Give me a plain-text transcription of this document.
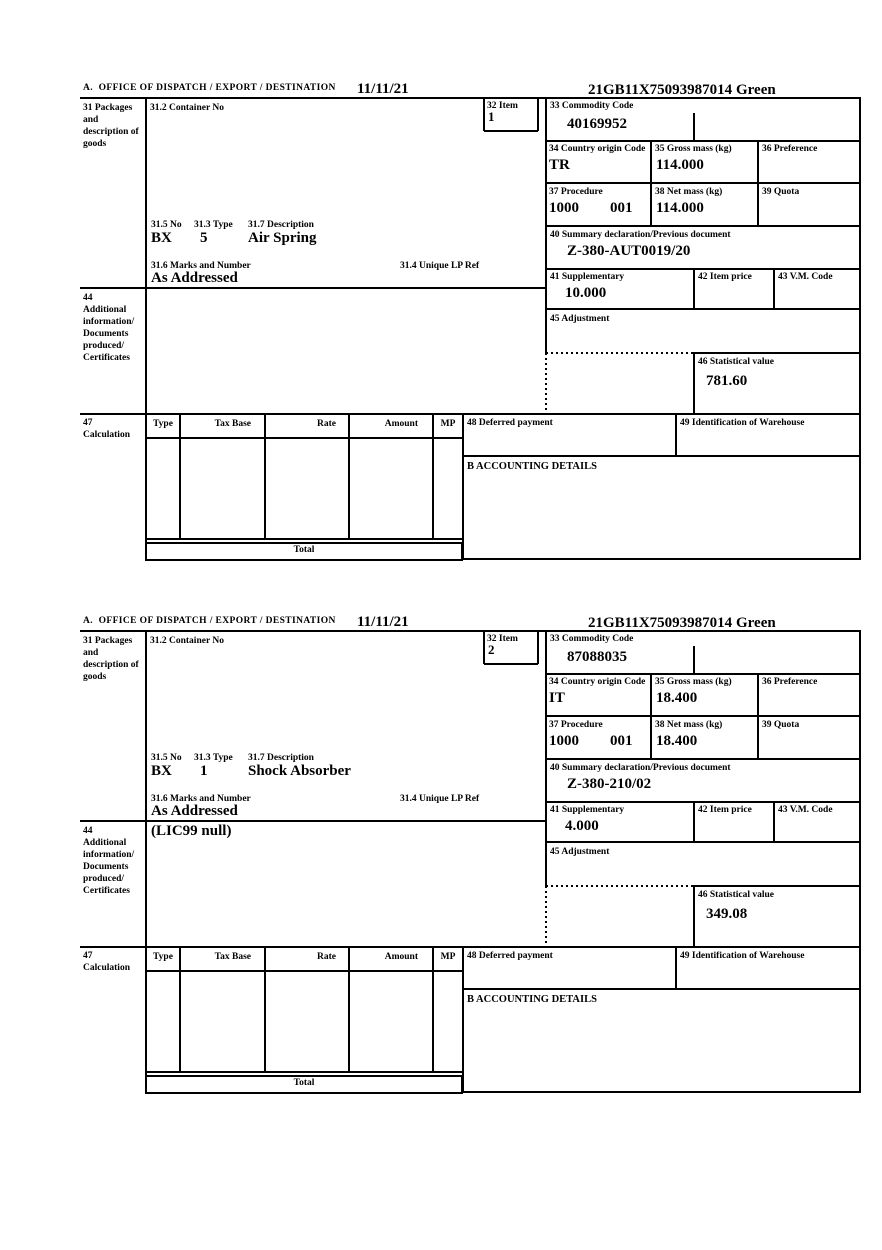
A.  OFFICE OF DISPATCH / EXPORT / DESTINATION 11/11/21	21GB11X75093987014 Green
31 Packages and description of goods
31.2 Container No	32 Item
1
33 Commodity Code
40169952
34 Country origin Code
TR
35 Gross mass (kg)
114.000
36 Preference
37 Procedure
1000 001
38 Net mass (kg)
114.000
39 Quota
40 Summary declaration/Previous document
Z-380-AUT0019/20
41 Supplementary
10.000
42 Item price	43 V.M. Code
45 Adjustment
46 Statistical value
781.60
31.5 No 31.3 Type 31.7 Description
BX 5	Air Spring
31.6 Marks and Number	31.4 Unique LP Ref
As Addressed
44
Additional information/ Documents produced/ Certificates
47
Calculation
Type	Tax Base	Rate	Amount	MP
Total
48 Deferred payment	49 Identification of Warehouse
B ACCOUNTING DETAILS
A.  OFFICE OF DISPATCH / EXPORT / DESTINATION 11/11/21	21GB11X75093987014 Green
31 Packages and description of goods
31.2 Container No	32 Item
2
33 Commodity Code
87088035
34 Country origin Code
IT
35 Gross mass (kg)
18.400
36 Preference
37 Procedure
1000 001
38 Net mass (kg)
18.400
39 Quota
40 Summary declaration/Previous document
Z-380-210/02
41 Supplementary
4.000
42 Item price	43 V.M. Code
45 Adjustment
46 Statistical value
349.08
31.5 No 31.3 Type 31.7 Description
BX 1	Shock Absorber
31.6 Marks and Number	31.4 Unique LP Ref
As Addressed
44
Additional information/ Documents produced/ Certificates
(LIC99 null)
47
Calculation
Type	Tax Base	Rate	Amount	MP
Total
48 Deferred payment	49 Identification of Warehouse
B ACCOUNTING DETAILS
